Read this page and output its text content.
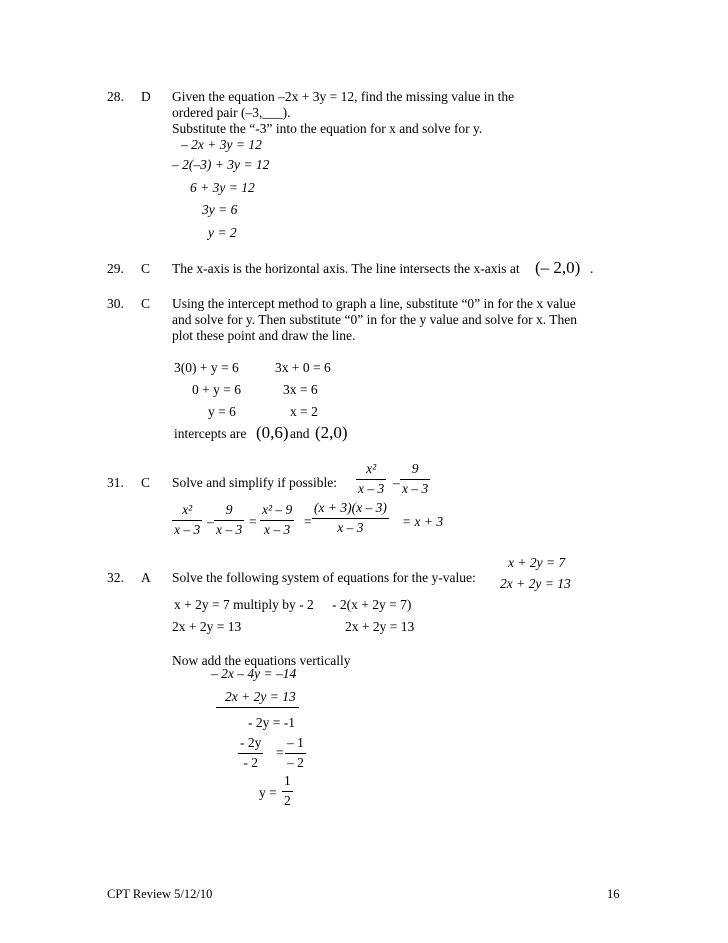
28. D Given the equation –2x + 3y = 12, find the missing value in the
ordered pair (–3,___).
Substitute the “-3” into the equation for x and solve for y.
– 2x + 3y = 12
– 2(–3) + 3y = 12
6 + 3y = 12
3y = 6
y = 2
29. C The x-axis is the horizontal axis. The line intersects the x-axis at (– 2,0) .
30. C Using the intercept method to graph a line, substitute “0” in for the x value
and solve for y. Then substitute “0” in for the y value and solve for x. Then
plot these point and draw the line.
3(0) + y = 6	3x + 0 = 6
0 + y = 6	3x = 6
y = 6	x = 2
intercepts are (0,6) and (2,0)
31. C Solve and simplify if possible: $\frac{\text{x²}}{x - 3} - \frac{9}{x - 3}$
$\frac{\text{x²}}{x - 3} - \frac{9}{x - 3} = \frac{\text{x² – 9}}{x - 3} = \frac{(x + 3)(x - 3)}{x - 3} = x + 3$
x + 2y = 7
32. A Solve the following system of equations for the y-value: 2x + 2y = 13
x + 2y = 7 multiply by - 2 - 2(x + 2y = 7)
2x + 2y = 13	2x + 2y = 13
Now add the equations vertically
– 2x – 4y = –14
2x + 2y = 13
- 2y = -1
$\frac{- 2y}{- 2} = \frac{- 1}{- 2}$
$y = \frac{1}{2}$
CPT Review 5/12/10	16
